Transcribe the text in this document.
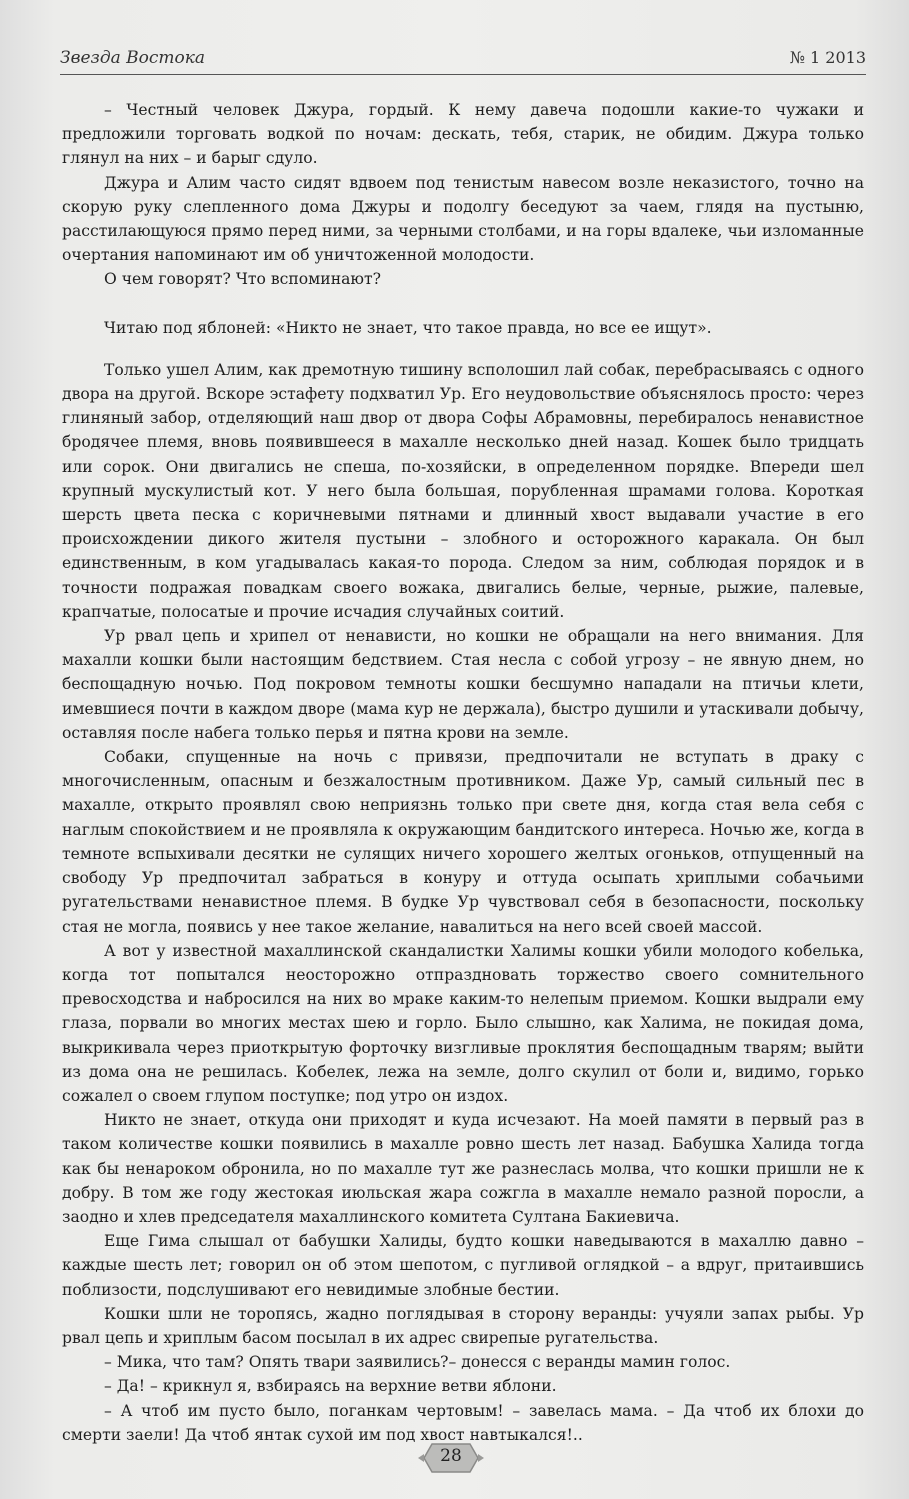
Звезда Востока	№ 1 2013

– Честный человек Джура, гордый. К нему давеча подошли какие-то чужаки и предложили торговать водкой по ночам: дескать, тебя, старик, не обидим. Джура только глянул на них – и барыг сдуло.

Джура и Алим часто сидят вдвоем под тенистым навесом возле неказистого, точно на скорую руку слепленного дома Джуры и подолгу беседуют за чаем, глядя на пустыню, расстилающуюся прямо перед ними, за черными столбами, и на горы вдалеке, чьи изломанные очертания напоминают им об уничтоженной молодости.

О чем говорят? Что вспоминают?

Читаю под яблоней: «Никто не знает, что такое правда, но все ее ищут».

Только ушел Алим, как дремотную тишину всполошил лай собак, перебрасываясь с одного двора на другой. Вскоре эстафету подхватил Ур. Его неудовольствие объяснялось просто: через глиняный забор, отделяющий наш двор от двора Софы Абрамовны, перебиралось ненавистное бродячее племя, вновь появившееся в махалле несколько дней назад. Кошек было тридцать или сорок. Они двигались не спеша, по-хозяйски, в определенном порядке. Впереди шел крупный мускулистый кот. У него была большая, порубленная шрамами голова. Короткая шерсть цвета песка с коричневыми пятнами и длинный хвост выдавали участие в его происхождении дикого жителя пустыни – злобного и осторожного каракала. Он был единственным, в ком угадывалась какая-то порода. Следом за ним, соблюдая порядок и в точности подражая повадкам своего вожака, двигались белые, черные, рыжие, палевые, крапчатые, полосатые и прочие исчадия случайных соитий.

Ур рвал цепь и хрипел от ненависти, но кошки не обращали на него внимания. Для махалли кошки были настоящим бедствием. Стая несла с собой угрозу – не явную днем, но беспощадную ночью. Под покровом темноты кошки бесшумно нападали на птичьи клети, имевшиеся почти в каждом дворе (мама кур не держала), быстро душили и утаскивали добычу, оставляя после набега только перья и пятна крови на земле.

Собаки, спущенные на ночь с привязи, предпочитали не вступать в драку с многочисленным, опасным и безжалостным противником. Даже Ур, самый сильный пес в махалле, открыто проявлял свою неприязнь только при свете дня, когда стая вела себя с наглым спокойствием и не проявляла к окружающим бандитского интереса. Ночью же, когда в темноте вспыхивали десятки не сулящих ничего хорошего желтых огоньков, отпущенный на свободу Ур предпочитал забраться в конуру и оттуда осыпать хриплыми собачьими ругательствами ненавистное племя. В будке Ур чувствовал себя в безопасности, поскольку стая не могла, появись у нее такое желание, навалиться на него всей своей массой.

А вот у известной махаллинской скандалистки Халимы кошки убили молодого кобелька, когда тот попытался неосторожно отпраздновать торжество своего сомнительного превосходства и набросился на них во мраке каким-то нелепым приемом. Кошки выдрали ему глаза, порвали во многих местах шею и горло. Было слышно, как Халима, не покидая дома, выкрикивала через приоткрытую форточку визгливые проклятия беспощадным тварям; выйти из дома она не решилась. Кобелек, лежа на земле, долго скулил от боли и, видимо, горько сожалел о своем глупом поступке; под утро он издох.

Никто не знает, откуда они приходят и куда исчезают. На моей памяти в первый раз в таком количестве кошки появились в махалле ровно шесть лет назад. Бабушка Халида тогда как бы ненароком обронила, но по махалле тут же разнеслась молва, что кошки пришли не к добру. В том же году жестокая июльская жара сожгла в махалле немало разной поросли, а заодно и хлев председателя махаллинского комитета Султана Бакиевича.

Еще Гима слышал от бабушки Халиды, будто кошки наведываются в махаллю давно – каждые шесть лет; говорил он об этом шепотом, с пугливой оглядкой – а вдруг, притаившись поблизости, подслушивают его невидимые злобные бестии.

Кошки шли не торопясь, жадно поглядывая в сторону веранды: учуяли запах рыбы. Ур рвал цепь и хриплым басом посылал в их адрес свирепые ругательства.

– Мика, что там? Опять твари заявились?– донесся с веранды мамин голос.

– Да! – крикнул я, взбираясь на верхние ветви яблони.

– А чтоб им пусто было, поганкам чертовым! – завелась мама. – Да чтоб их блохи до смерти заели! Да чтоб янтак сухой им под хвост навтыкался!..

28
